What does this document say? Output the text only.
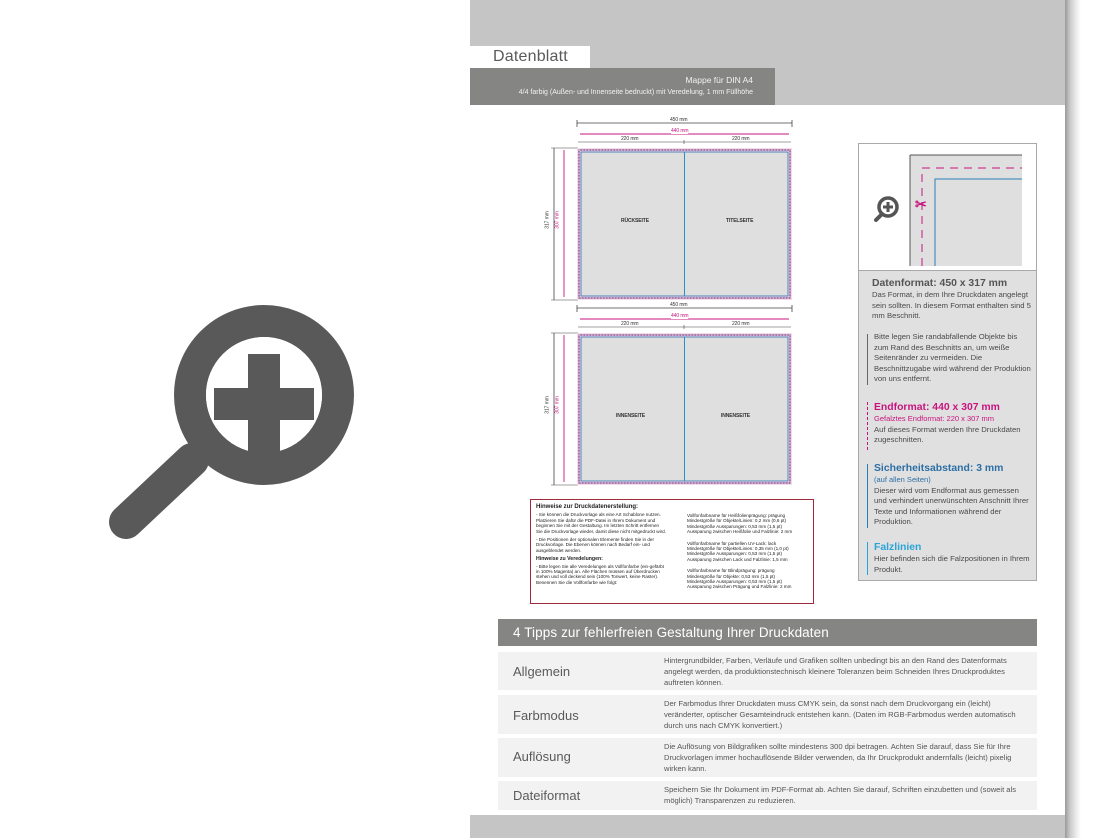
Datenblatt
Mappe für DIN A4
4/4 farbig (Außen- und Innenseite bedruckt) mit Veredelung, 1 mm Füllhöhe
450 mm
440 mm
220 mm	220 mm
317 mm 307 mm	RÜCKSEITE	TITELSEITE
450 mm
440 mm
220 mm	220 mm
317 mm 307 mm
INNENSEITE	INNENSEITE
Hinweise zur Druckdatenerstellung:

- Sie können die Druckvorlage als eine Art Schablone nutzen. Platzieren Sie dafür die PDF-Datei in Ihrem Dokument und beginnen Sie mit der Gestaltung. Im letzten Schritt entfernen Sie die Druckvorlage wieder, damit diese nicht mitgedruckt wird.

- Die Positionen der optionalen Elemente finden Sie in der Druckvorlage. Die Ebenen können nach Bedarf ein- und ausgeblendet werden.

Hinweise zu Veredelungen:

- Bitte legen Sie alle Veredelungen als Vollfonfarbe (ein-gefärbt in 100% Magenta) an. Alle Flächen müssen auf Überdrucken stehen und voll deckend sein (100% Tonwert, keine Raster). Benennen Sie die Vollfonfarbe wie folgt:

Vollfonfarbname für Heißfolienprägung: prägung
Mindestgröße für Objekte/Linien: 0,2 mm (0,6 pt)
Mindestgröße Aussparungen: 0,53 mm (1,5 pt)
Aussparung zwischen Heißfolie und Falzlinie: 2 mm
Vollfonfarbname für partiellen UV-Lack: lack
Mindestgröße für Objekte/Linien: 0,35 mm (1,0 pt)
Mindestgröße Aussparungen: 0,53 mm (1,5 pt)
Aussparung zwischen Lack und Falzlinie: 1,5 mm
Vollfonfarbname für Blindprägung: prägung
Mindestgröße für Objekte: 0,53 mm (1,5 pt)
Mindestgröße Aussparungen: 0,53 mm (1,5 pt)
Aussparung zwischen Prägung und Falzlinie: 2 mm
✂
Datenformat: 450 x 317 mm
Das Format, in dem Ihre Druckdaten angelegt sein sollten. In diesem Format enthalten sind 5 mm Beschnitt.
Bitte legen Sie randabfallende Objekte bis zum Rand des Beschnitts an, um weiße Seitenränder zu vermeiden. Die Beschnittzugabe wird während der Produktion von uns entfernt.
Endformat: 440 x 307 mm
Gefalztes Endformat: 220 x 307 mm
Auf dieses Format werden Ihre Druckdaten zugeschnitten.
Sicherheitsabstand: 3 mm
(auf allen Seiten)
Dieser wird vom Endformat aus gemessen und verhindert unerwünschten Anschnitt Ihrer Texte und Informationen während der Produktion.
Falzlinien
Hier befinden sich die Falzpositionen in Ihrem Produkt.
4 Tipps zur fehlerfreien Gestaltung Ihrer Druckdaten
Allgemein
Hintergrundbilder, Farben, Verläufe und Grafiken sollten unbedingt bis an den Rand des Datenformats angelegt werden, da produktionstechnisch kleinere Toleranzen beim Schneiden Ihres Druckproduktes auftreten können.
Farbmodus
Der Farbmodus Ihrer Druckdaten muss CMYK sein, da sonst nach dem Druckvorgang ein (leicht) veränderter, optischer Gesamteindruck entstehen kann. (Daten im RGB-Farbmodus werden automatisch durch uns nach CMYK konvertiert.)
Auflösung
Die Auflösung von Bildgrafiken sollte mindestens 300 dpi betragen. Achten Sie darauf, dass Sie für Ihre Druckvorlagen immer hochauflösende Bilder verwenden, da Ihr Druckprodukt andernfalls (leicht) pixelig wirken kann.
Dateiformat	Speichern Sie Ihr Dokument im PDF-Format ab. Achten Sie darauf, Schriften einzubetten und (soweit als möglich) Transparenzen zu reduzieren.
